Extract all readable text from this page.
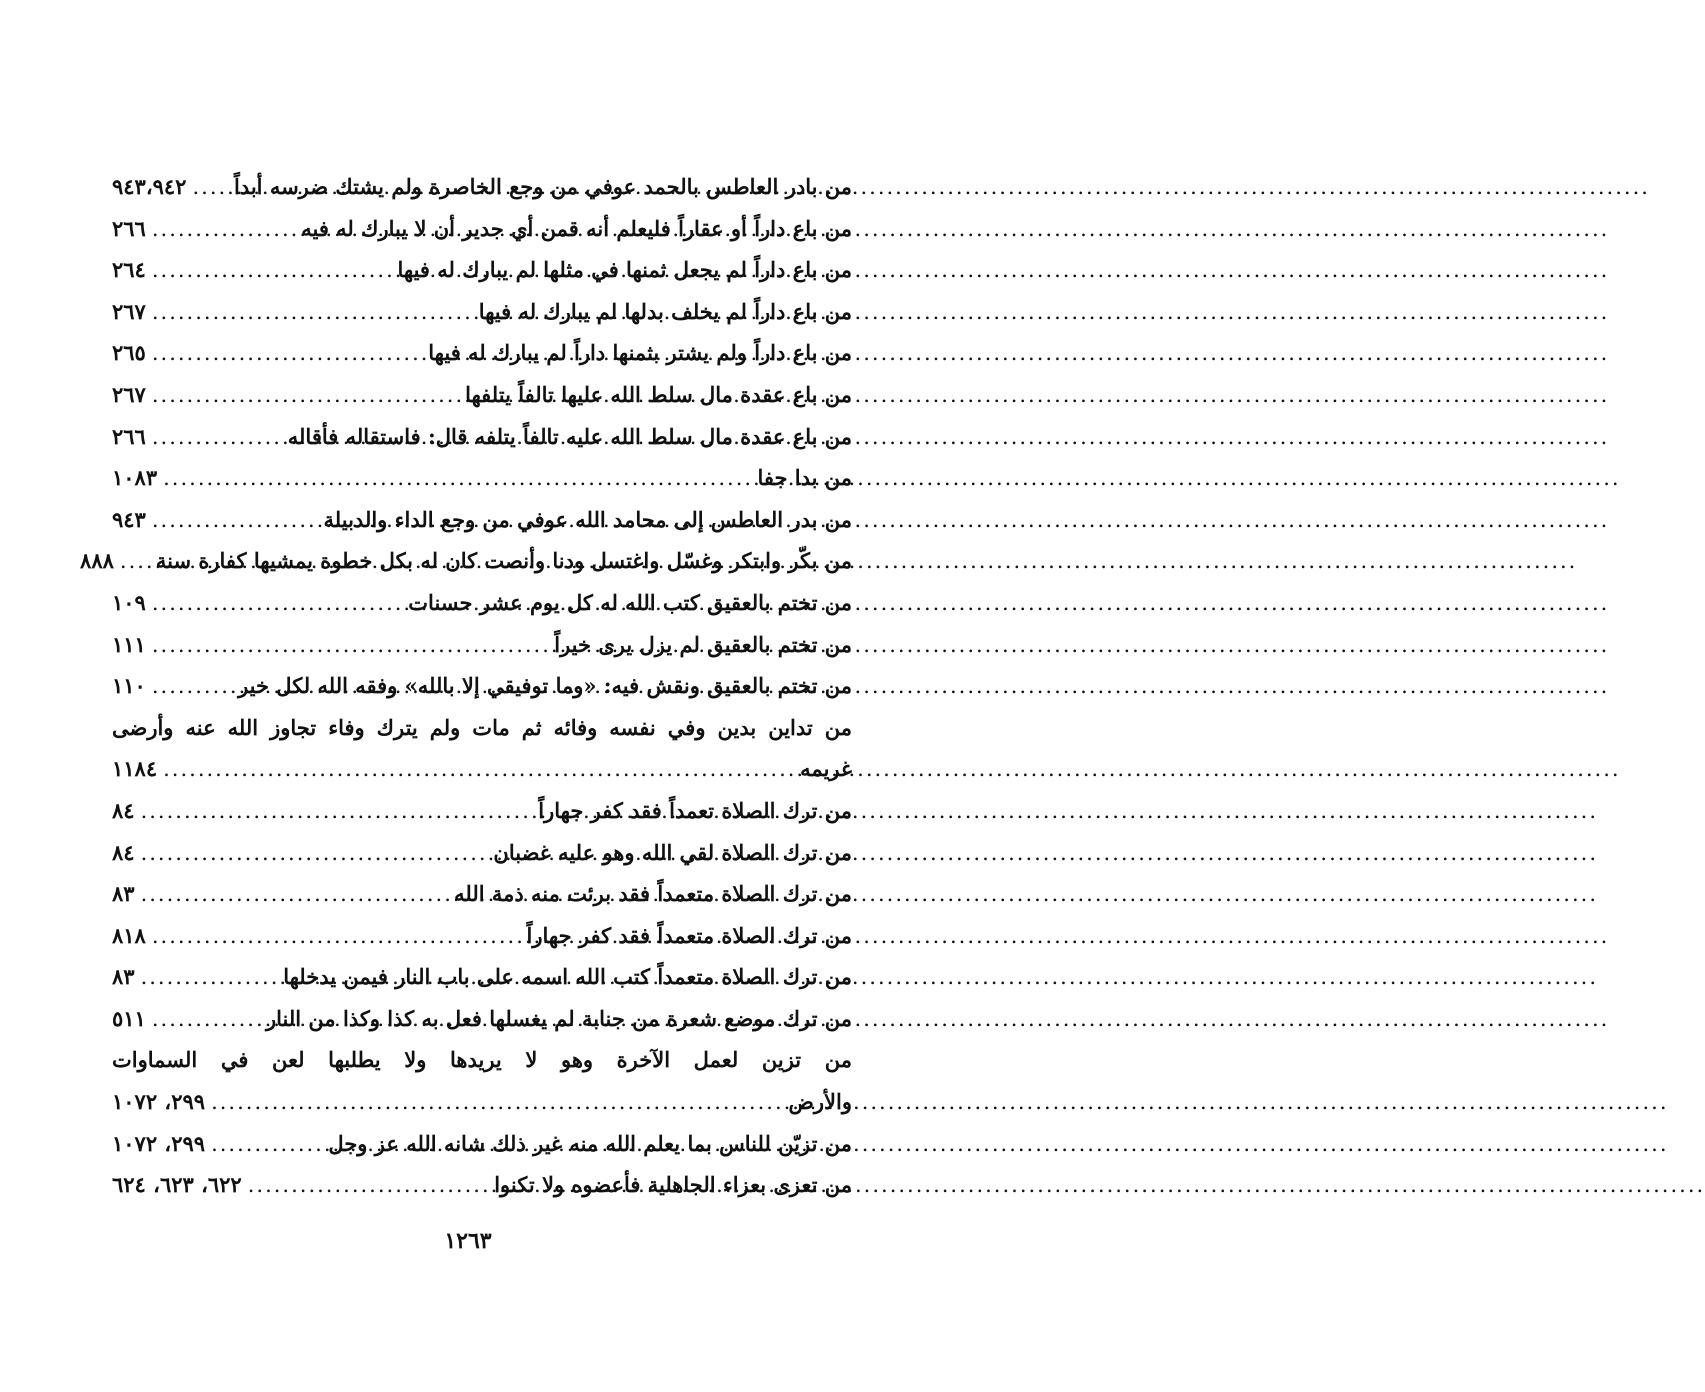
من بادر العاطس بالحمد عوفي من وجع الخاصرة ولم يشتك ضرسه أبداً
.....
٩٤٣،٩٤٢
من باع داراً أو عقاراً فليعلم أنه قمن أي جدير أن لا يبارك له فيه
.....
٢٦٦
من باع داراً لم يجعل ثمنها في مثلها لم يبارك له فيها
.....
٢٦٤
من باع داراً لم يخلف بدلها لم يبارك له فيها
.....
٢٦٧
من باع داراً ولم يشتر بثمنها داراً لم يبارك له فيها
.....
٢٦٥
من باع عقدة مال سلط الله عليها تالفاً يتلفها
.....
٢٦٧
من باع عقدة مال سلط الله عليه تالفاً يتلفه قال: فاستقاله فأقاله
.....
٢٦٦
من بدا جفا
.....
١٠٨٣
من بدر العاطس إلى محامد الله عوفي من وجع الداء والدبيلة
.....
٩٤٣
من بكّر وابتكر وغسّل واغتسل ودنا وأنصت كان له بكل خطوة يمشيها كفارة سنة
.....
٨٨٨
من تختم بالعقيق كتب الله له كل يوم عشر حسنات
.....
١٠٩
من تختم بالعقيق لم يزل يرى خيراً
.....
١١١
من تختم بالعقيق ونقش فيه: «وما توفيقي إلا بالله» وفقه الله لكل خير
.....
١١٠
من تداين بدين وفي نفسه وفائه ثم مات ولم يترك وفاء تجاوز الله عنه وأرضى
غريمه
.....
١١٨٤
من ترك الصلاة تعمداً فقد كفر جهاراً
.....
٨٤
من ترك الصلاة لقي الله وهو عليه غضبان
.....
٨٤
من ترك الصلاة متعمداً فقد برئت منه ذمة الله
.....
٨٣
من ترك الصلاة متعمداً فقد كفر جهاراً
.....
٨١٨
من ترك الصلاة متعمداً كتب الله اسمه على باب النار فيمن يدخلها
.....
٨٣
من ترك موضع شعرة من جنابة لم يغسلها فعل به كذا وكذا من النار
.....
٥١١
من تزين لعمل الآخرة وهو لا يريدها ولا يطلبها لعن في السماوات
والأرض
.....
٢٩٩، ١٠٧٢
من تزيّن للناس بما يعلم الله منه غير ذلك شانه الله عز وجل
.....
٢٩٩، ١٠٧٢
من تعزى بعزاء الجاهلية فأعضوه ولا تكنوا
.....
٦٢٢، ٦٢٣، ٦٢٤
١٢٦٣
